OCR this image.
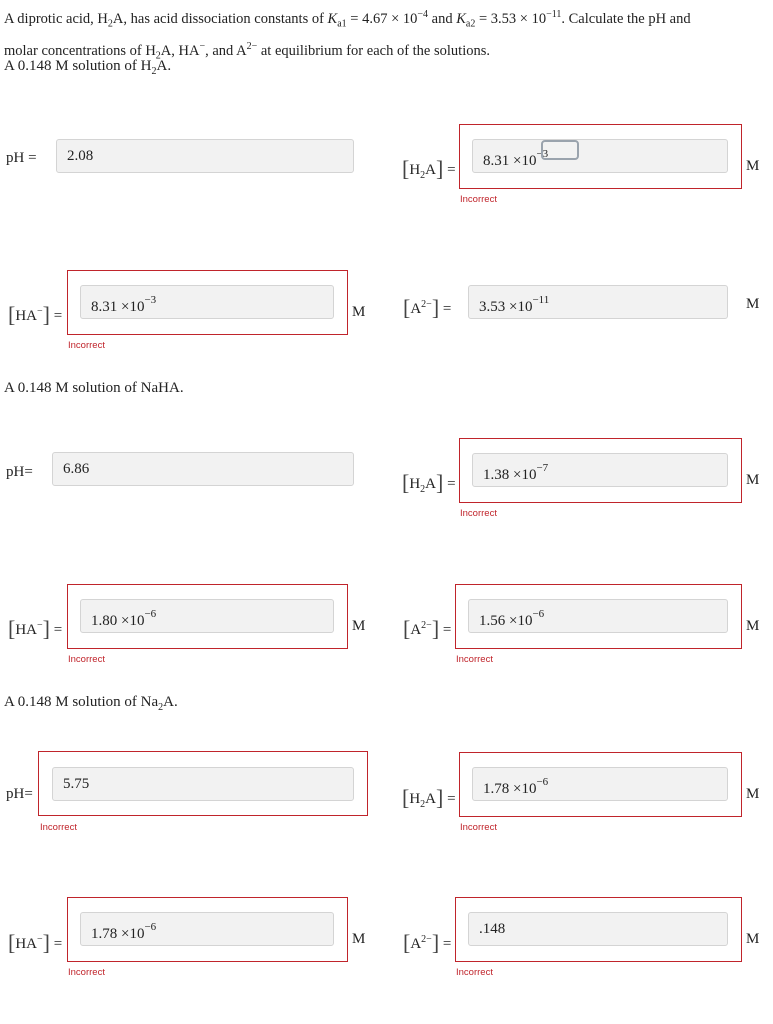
A diprotic acid, $H_2A$, has acid dissociation constants of $K_{a1} = 4.67 \times 10^{-4}$ and $K_{a2} = 3.53 \times 10^{-11}$. Calculate the pH and
molar concentrations of $H_2A$, HA−, and $A^{2-}$ at equilibrium for each of the solutions.
A 0.148 M solution of $H_2A$.
pH =	2.08	$[H_2A]$ =
$8.31 \times 10^{-3}$
M
Incorrect
[HA−] =
$8.31 \times 10^{-3}$
M
Incorrect
$[A^{2-}]$ =	$3.53 \times 10^{-11}$	M
A 0.148 M solution of NaHA.
pH=	6.86
$[H_2A]$ =
$1.38 \times 10^{-7}$
M
Incorrect
[HA−] =
$1.80 \times 10^{-6}$
M
Incorrect
$[A^{2-}]$ =
$1.56 \times 10^{-6}$
M
Incorrect
A 0.148 M solution of $Na_2A$.
pH=
5.75
Incorrect
$[H_2A]$ =
$1.78 \times 10^{-6}$
M
Incorrect
[HA−] =
$1.78 \times 10^{-6}$
M
Incorrect
$[A^{2-}]$ =
.148
M
Incorrect
